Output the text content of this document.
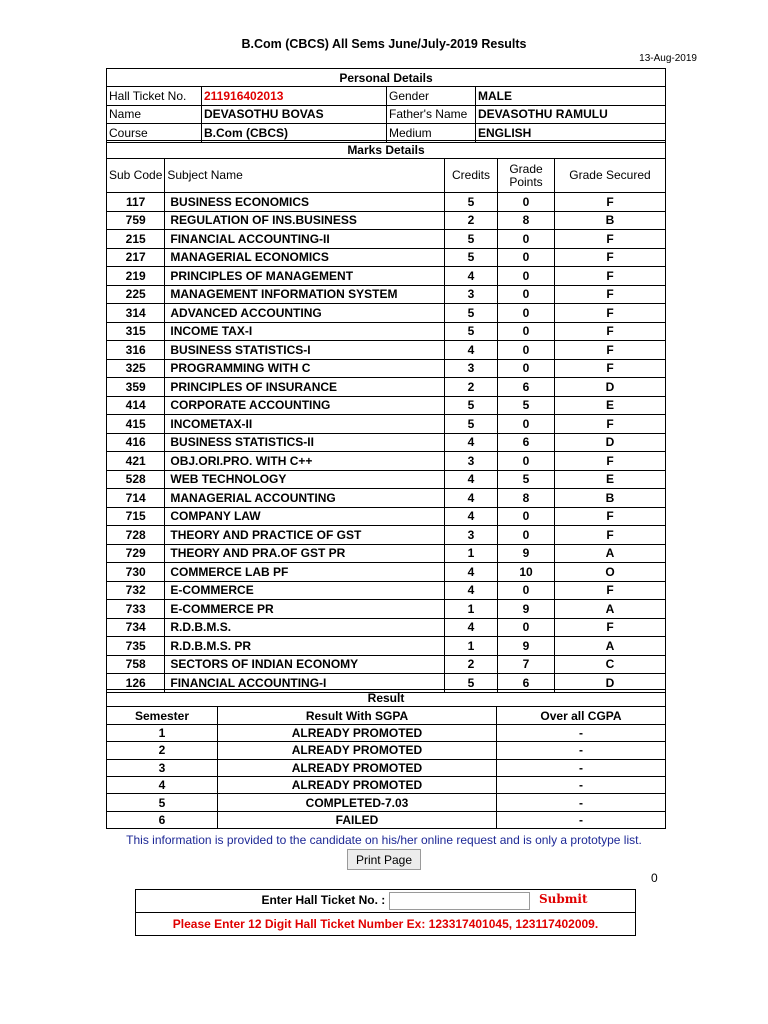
B.Com (CBCS) All Sems June/July-2019 Results
13-Aug-2019
Personal Details			
Hall Ticket No.	211916402013	Gender	MALE
Name	DEVASOTHU BOVAS	Father's Name	DEVASOTHU RAMULU
Course	B.Com (CBCS)	Medium	ENGLISH
Marks Details				
Sub Code	Subject Name	Credits	Grade Points	Grade Secured
117	BUSINESS ECONOMICS	5	0	F
759	REGULATION OF INS.BUSINESS	2	8	B
215	FINANCIAL ACCOUNTING-II	5	0	F
217	MANAGERIAL ECONOMICS	5	0	F
219	PRINCIPLES OF MANAGEMENT	4	0	F
225	MANAGEMENT INFORMATION SYSTEM	3	0	F
314	ADVANCED ACCOUNTING	5	0	F
315	INCOME TAX-I	5	0	F
316	BUSINESS STATISTICS-I	4	0	F
325	PROGRAMMING WITH C	3	0	F
359	PRINCIPLES OF INSURANCE	2	6	D
414	CORPORATE ACCOUNTING	5	5	E
415	INCOMETAX-II	5	0	F
416	BUSINESS STATISTICS-II	4	6	D
421	OBJ.ORI.PRO. WITH C++	3	0	F
528	WEB TECHNOLOGY	4	5	E
714	MANAGERIAL ACCOUNTING	4	8	B
715	COMPANY LAW	4	0	F
728	THEORY AND PRACTICE OF GST	3	0	F
729	THEORY AND PRA.OF GST PR	1	9	A
730	COMMERCE LAB PF	4	10	O
732	E-COMMERCE	4	0	F
733	E-COMMERCE PR	1	9	A
734	R.D.B.M.S.	4	0	F
735	R.D.B.M.S. PR	1	9	A
758	SECTORS OF INDIAN ECONOMY	2	7	C
126	FINANCIAL ACCOUNTING-I	5	6	D
Result		
Semester	Result With SGPA	Over all CGPA
1	ALREADY PROMOTED	-
2	ALREADY PROMOTED	-
3	ALREADY PROMOTED	-
4	ALREADY PROMOTED	-
5	COMPLETED-7.03	-
6	FAILED	-
This information is provided to the candidate on his/her online request and is only a prototype list.
Print Page
0
Enter Hall Ticket No. :	Submit
Please Enter 12 Digit Hall Ticket Number Ex: 123317401045, 123117402009.
